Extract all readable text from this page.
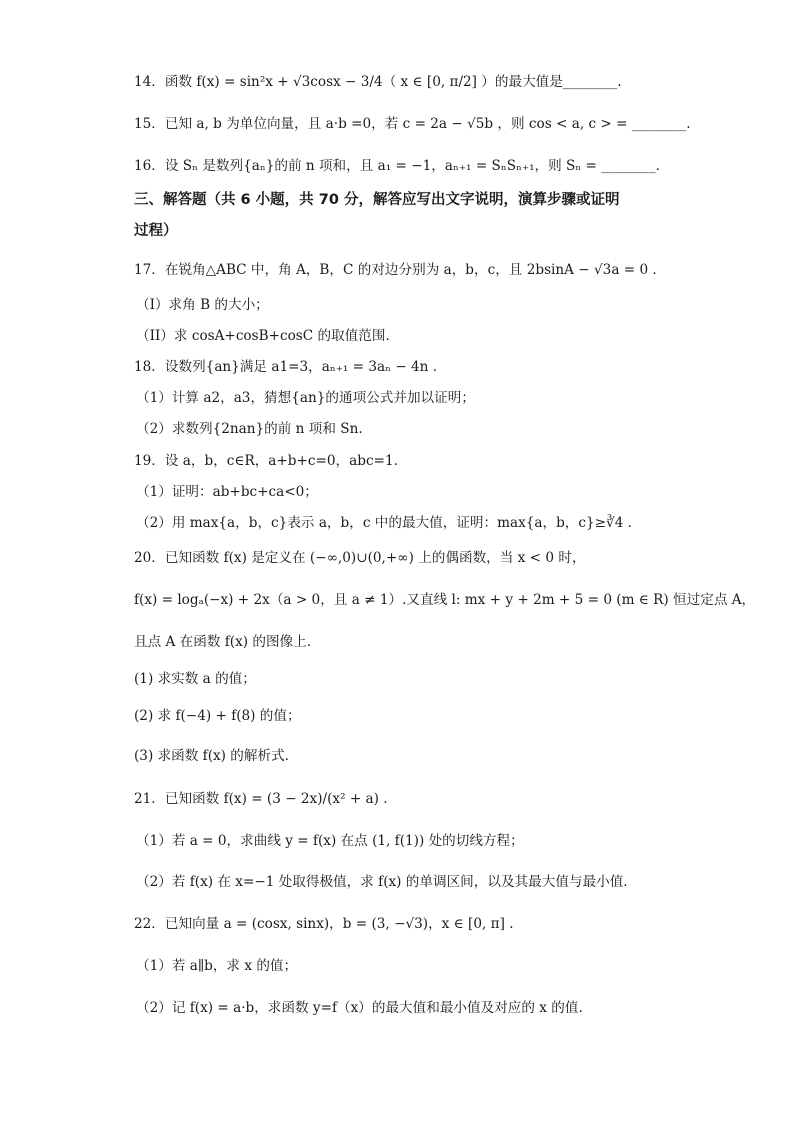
14．函数 f(x) = sin²x + √3cosx − 3/4（ x ∈ [0, π/2] ）的最大值是________.
15．已知 a, b 为单位向量，且 a·b =0，若 c = 2a − √5b ，则 cos < a, c > = ________.
16．设 Sₙ 是数列{aₙ}的前 n 项和，且 a₁ = −1，aₙ₊₁ = SₙSₙ₊₁，则 Sₙ = ________.
三、解答题（共 6 小题，共 70 分，解答应写出文字说明，演算步骤或证明
过程）
17．在锐角△ABC 中，角 A，B，C 的对边分别为 a，b，c，且 2bsinA − √3a = 0 .
（I）求角 B 的大小；
（II）求 cosA+cosB+cosC 的取值范围.
18．设数列{an}满足 a1=3，aₙ₊₁ = 3aₙ − 4n .
（1）计算 a2，a3，猜想{an}的通项公式并加以证明；
（2）求数列{2nan}的前 n 项和 Sn.
19．设 a，b，c∈R，a+b+c=0，abc=1.
（1）证明：ab+bc+ca<0；
（2）用 max{a，b，c}表示 a，b，c 中的最大值，证明：max{a，b，c}≥∛4 .
20．已知函数 f(x) 是定义在 (−∞,0)∪(0,+∞) 上的偶函数，当 x < 0 时，
f(x) = logₐ(−x) + 2x（a > 0，且 a ≠ 1）.又直线 l: mx + y + 2m + 5 = 0 (m ∈ R) 恒过定点 A，
且点 A 在函数 f(x) 的图像上.
(1) 求实数 a 的值；
(2) 求 f(−4) + f(8) 的值；
(3) 求函数 f(x) 的解析式.
21．已知函数 f(x) = (3 − 2x)/(x² + a) .
（1）若 a = 0，求曲线 y = f(x) 在点 (1, f(1)) 处的切线方程；
（2）若 f(x) 在 x=−1 处取得极值，求 f(x) 的单调区间，以及其最大值与最小值.
22．已知向量 a = (cosx, sinx)，b = (3, −√3)，x ∈ [0, π] .
（1）若 a∥b，求 x 的值；
（2）记 f(x) = a·b，求函数 y=f（x）的最大值和最小值及对应的 x 的值.
